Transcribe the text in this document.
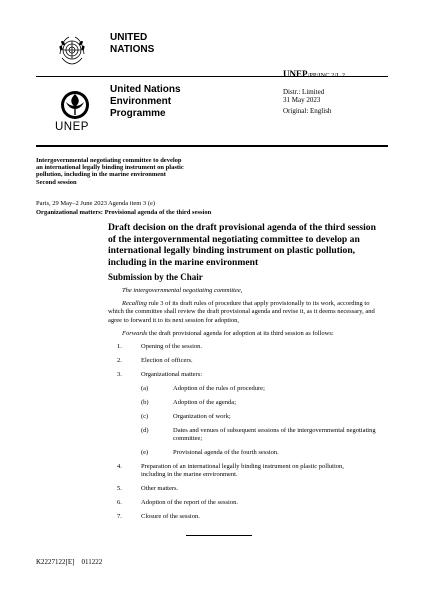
UNITED
NATIONS
UNEP/PP/INC.2/L.2
UNEP
United Nations
Environment
Programme
Distr.: Limited
31 May 2023
Original: English
Intergovernmental negotiating committee to develop
an international legally binding instrument on plastic
pollution, including in the marine environment
Second session
Paris, 29 May–2 June 2023Agenda item 3 (e)
Organizational matters: Provisional agenda of the third session
Draft decision on the draft provisional agenda of the third session
of the intergovernmental negotiating committee to develop an
international legally binding instrument on plastic pollution,
including in the marine environment
Submission by the Chair
The intergovernmental negotiating committee,
Recalling rule 3 of its draft rules of procedure that apply provisionally to its work, according to
which the committee shall review the draft provisional agenda and revise it, as it deems necessary, and
agree to forward it to its next session for adoption,
Forwards the draft provisional agenda for adoption at its third session as follows:
1.	Opening of the session.
2.	Election of officers.
3.	Organizational matters:
(a)	Adoption of the rules of procedure;
(b)	Adoption of the agenda;
(c)	Organization of work;
(d)	Dates and venues of subsequent sessions of the intergovernmental negotiating
committee;
(e)	Provisional agenda of the fourth session.
4.	Preparation of an international legally binding instrument on plastic pollution,
including in the marine environment.
5.	Other matters.
6.	Adoption of the report of the session.
7.	Closure of the session.
K2227122[E]    011222
